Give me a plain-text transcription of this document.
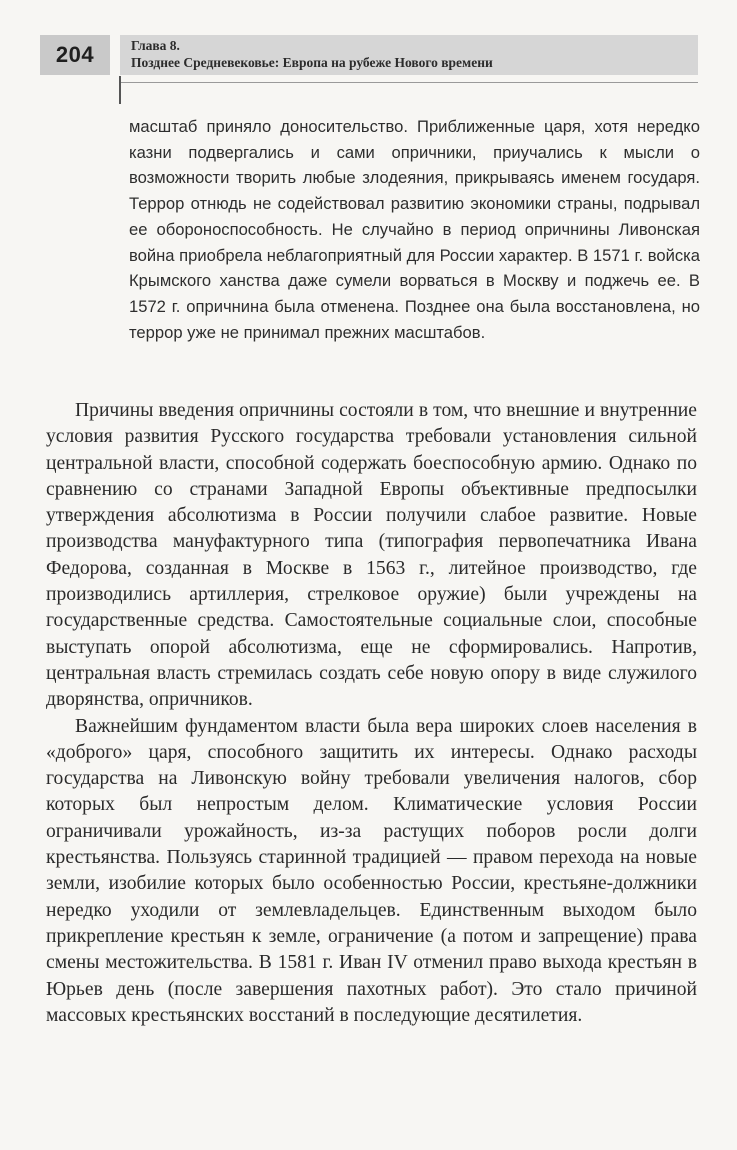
204	Глава 8.
Позднее Средневековье: Европа на рубеже Нового времени

масштаб приняло доносительство. Приближенные царя, хотя нередко казни подвергались и сами опричники, приучались к мысли о возможности творить любые злодеяния, прикрываясь именем государя. Террор отнюдь не содействовал развитию экономики страны, подрывал ее обороноспособность. Не случайно в период опричнины Ливонская война приобрела неблагоприятный для России характер. В 1571 г. войска Крымского ханства даже сумели ворваться в Москву и поджечь ее. В 1572 г. опричнина была отменена. Позднее она была восстановлена, но террор уже не принимал прежних масштабов.

Причины введения опричнины состояли в том, что внешние и внутренние условия развития Русского государства требовали установления сильной центральной власти, способной содержать боеспособную армию. Однако по сравнению со странами Западной Европы объективные предпосылки утверждения абсолютизма в России получили слабое развитие. Новые производства мануфактурного типа (типография первопечатника Ивана Федорова, созданная в Москве в 1563 г., литейное производство, где производились артиллерия, стрелковое оружие) были учреждены на государственные средства. Самостоятельные социальные слои, способные выступать опорой абсолютизма, еще не сформировались. Напротив, центральная власть стремилась создать себе новую опору в виде служилого дворянства, опричников.

Важнейшим фундаментом власти была вера широких слоев населения в «доброго» царя, способного защитить их интересы. Однако расходы государства на Ливонскую войну требовали увеличения налогов, сбор которых был непростым делом. Климатические условия России ограничивали урожайность, из-за растущих поборов росли долги крестьянства. Пользуясь старинной традицией — правом перехода на новые земли, изобилие которых было особенностью России, крестьяне-должники нередко уходили от землевладельцев. Единственным выходом было прикрепление крестьян к земле, ограничение (а потом и запрещение) права смены местожительства. В 1581 г. Иван IV отменил право выхода крестьян в Юрьев день (после завершения пахотных работ). Это стало причиной массовых крестьянских восстаний в последующие десятилетия.
